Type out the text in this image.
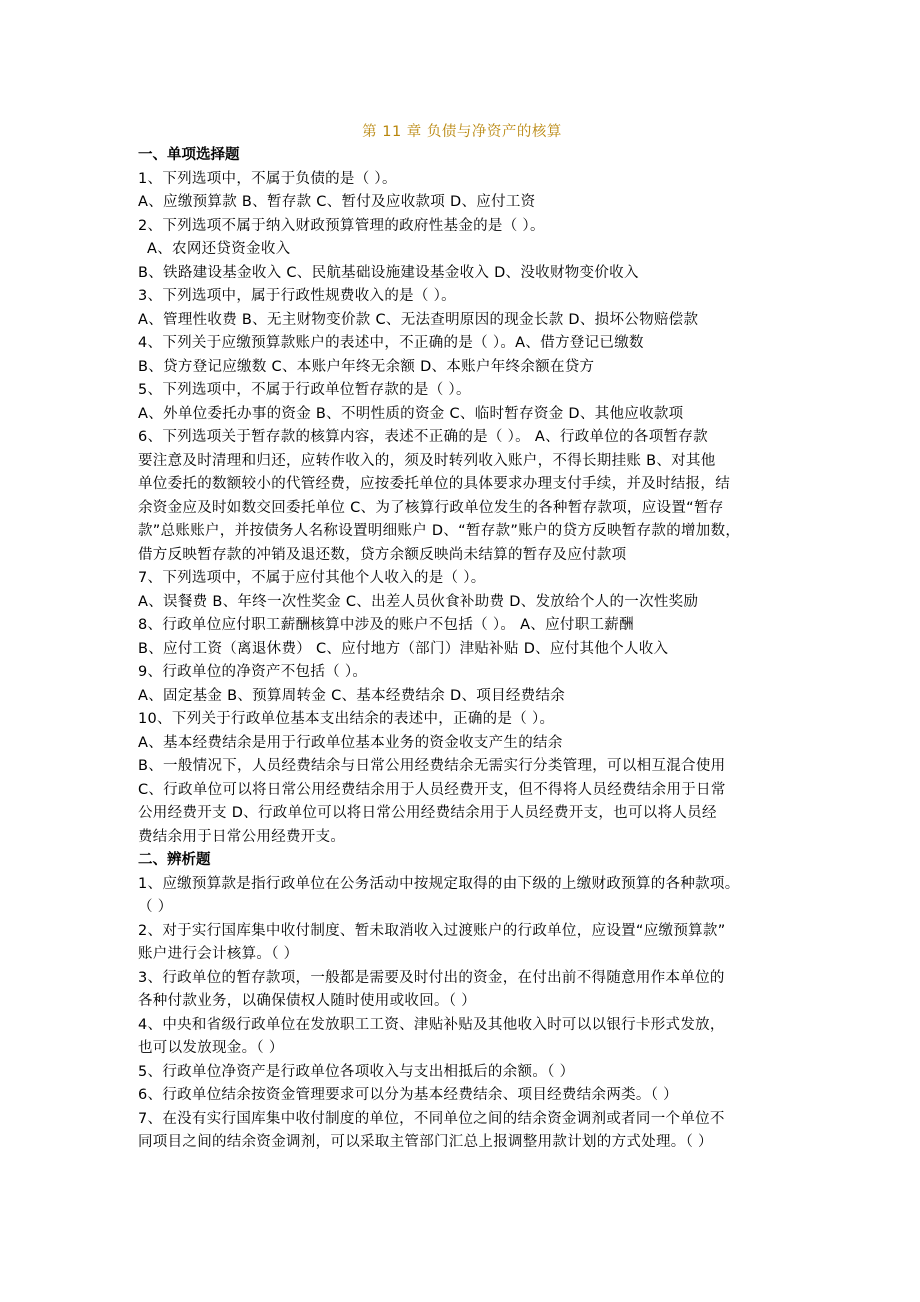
第 11 章 负债与净资产的核算
一、单项选择题
1、下列选项中，不属于负债的是（ ）。
A、应缴预算款 B、暂存款 C、暂付及应收款项 D、应付工资
2、下列选项不属于纳入财政预算管理的政府性基金的是（ ）。
A、农网还贷资金收入
B、铁路建设基金收入 C、民航基础设施建设基金收入 D、没收财物变价收入
3、下列选项中，属于行政性规费收入的是（ ）。
A、管理性收费 B、无主财物变价款 C、无法查明原因的现金长款 D、损坏公物赔偿款
4、下列关于应缴预算款账户的表述中，不正确的是（ ）。A、借方登记已缴数
B、贷方登记应缴数 C、本账户年终无余额 D、本账户年终余额在贷方
5、下列选项中，不属于行政单位暂存款的是（ ）。
A、外单位委托办事的资金 B、不明性质的资金 C、临时暂存资金 D、其他应收款项
6、下列选项关于暂存款的核算内容，表述不正确的是（ ）。 A、行政单位的各项暂存款
要注意及时清理和归还，应转作收入的，须及时转列收入账户，不得长期挂账 B、对其他
单位委托的数额较小的代管经费，应按委托单位的具体要求办理支付手续，并及时结报，结
余资金应及时如数交回委托单位 C、为了核算行政单位发生的各种暂存款项，应设置“暂存
款”总账账户，并按债务人名称设置明细账户 D、“暂存款”账户的贷方反映暂存款的增加数，
借方反映暂存款的冲销及退还数，贷方余额反映尚未结算的暂存及应付款项
7、下列选项中，不属于应付其他个人收入的是（ ）。
A、误餐费 B、年终一次性奖金 C、出差人员伙食补助费 D、发放给个人的一次性奖励
8、行政单位应付职工薪酬核算中涉及的账户不包括（ ）。 A、应付职工薪酬
B、应付工资（离退休费） C、应付地方（部门）津贴补贴 D、应付其他个人收入
9、行政单位的净资产不包括（ ）。
A、固定基金 B、预算周转金 C、基本经费结余 D、项目经费结余
10、下列关于行政单位基本支出结余的表述中，正确的是（ ）。
A、基本经费结余是用于行政单位基本业务的资金收支产生的结余
B、一般情况下，人员经费结余与日常公用经费结余无需实行分类管理，可以相互混合使用
C、行政单位可以将日常公用经费结余用于人员经费开支，但不得将人员经费结余用于日常
公用经费开支 D、行政单位可以将日常公用经费结余用于人员经费开支，也可以将人员经
费结余用于日常公用经费开支。
二、辨析题
1、应缴预算款是指行政单位在公务活动中按规定取得的由下级的上缴财政预算的各种款项。
（ ）
2、对于实行国库集中收付制度、暂未取消收入过渡账户的行政单位，应设置“应缴预算款”
账户进行会计核算。（ ）
3、行政单位的暂存款项，一般都是需要及时付出的资金，在付出前不得随意用作本单位的
各种付款业务，以确保债权人随时使用或收回。（ ）
4、中央和省级行政单位在发放职工工资、津贴补贴及其他收入时可以以银行卡形式发放，
也可以发放现金。（ ）
5、行政单位净资产是行政单位各项收入与支出相抵后的余额。（ ）
6、行政单位结余按资金管理要求可以分为基本经费结余、项目经费结余两类。（ ）
7、在没有实行国库集中收付制度的单位，不同单位之间的结余资金调剂或者同一个单位不
同项目之间的结余资金调剂，可以采取主管部门汇总上报调整用款计划的方式处理。（ ）
